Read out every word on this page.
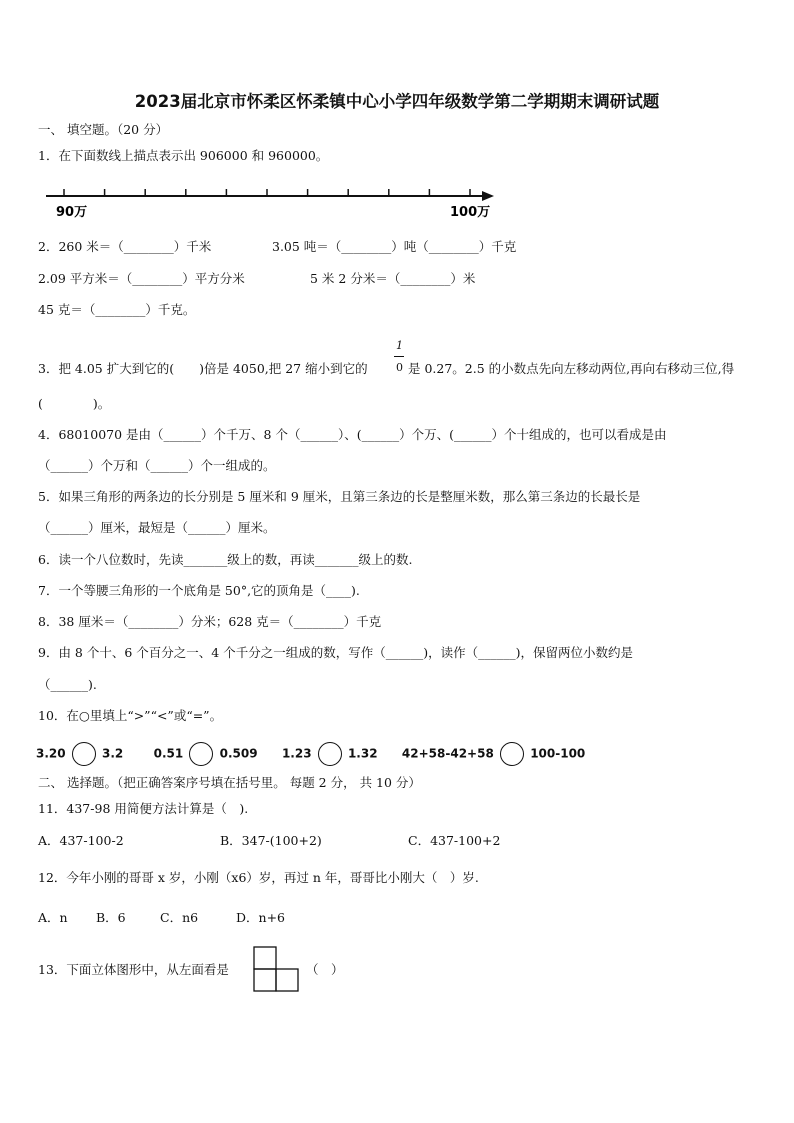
2023届北京市怀柔区怀柔镇中心小学四年级数学第二学期期末调研试题
一、 填空题。（20 分）
1．在下面数线上描点表示出 906000 和 960000。
90万	100万
2．260 米＝（________）千米	3.05 吨＝（________）吨（________）千克
2.09 平方米＝（________）平方分米	5 米 2 分米＝（________）米
45 克＝（________）千克。
3．把 4.05 扩大到它的(　　)倍是 4050,把 27 缩小到它的
1
0 是 0.27。2.5 的小数点先向左移动两位,再向右移动三位,得
(　　　　)。
4．68010070 是由（______）个千万、8 个（______）、(______）个万、(______）个十组成的，也可以看成是由
（______）个万和（______）个一组成的。
5．如果三角形的两条边的长分别是 5 厘米和 9 厘米，且第三条边的长是整厘米数，那么第三条边的长最长是
（______）厘米，最短是（______）厘米。
6．读一个八位数时，先读_______级上的数，再读_______级上的数.
7．一个等腰三角形的一个底角是 50°,它的顶角是（____).
8．38 厘米＝（________）分米；628 克＝（________）千克
9．由 8 个十、6 个百分之一、4 个千分之一组成的数，写作（______)，读作（______)，保留两位小数约是
（______).
10．在○里填上“>”“<”或“=”。
3.20	3.2	0.51	0.509 1.23	1.32 42+58-42+58	100-100
二、 选择题。（把正确答案序号填在括号里。 每题 2 分， 共 10 分）
11．437-98 用简便方法计算是（　).
A．437-100-2	B．347-(100+2)	C．437-100+2
12．今年小刚的哥哥 x 岁，小刚（x6）岁，再过 n 年，哥哥比小刚大（　）岁.
A．n B．6	C．n6	D．n+6
13．下面立体图形中，从左面看是	（　）
